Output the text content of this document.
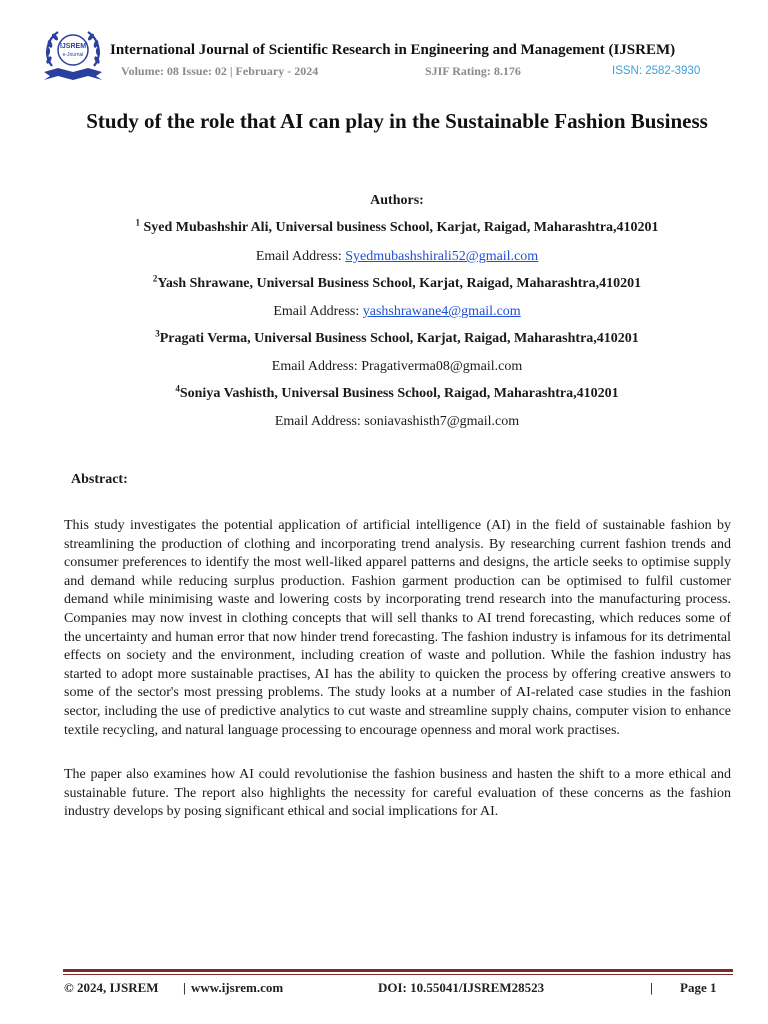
IJSREM
e-Journal International Journal of Scientific Research in Engineering and Management (IJSREM)
Volume: 08 Issue: 02 | February - 2024	SJIF Rating: 8.176	ISSN: 2582-3930
Study of the role that AI can play in the Sustainable Fashion Business
Authors:
$^1$ Syed Mubashshir Ali, Universal business School, Karjat, Raigad, Maharashtra,410201
Email Address: Syedmubashshirali52@gmail.com
$^2$Yash Shrawane, Universal Business School, Karjat, Raigad, Maharashtra,410201
Email Address: yashshrawane4@gmail.com
$^3$Pragati Verma, Universal Business School, Karjat, Raigad, Maharashtra,410201
Email Address: Pragativerma08@gmail.com
$^4$Soniya Vashisth, Universal Business School, Raigad, Maharashtra,410201
Email Address: soniavashisth7@gmail.com
Abstract:
This study investigates the potential application of artificial intelligence (AI) in the field of sustainable fashion by streamlining the production of clothing and incorporating trend analysis. By researching current fashion trends and consumer preferences to identify the most well-liked apparel patterns and designs, the article seeks to optimise supply and demand while reducing surplus production. Fashion garment production can be optimised to fulfil customer demand while minimising waste and lowering costs by incorporating trend research into the manufacturing process. Companies may now invest in clothing concepts that will sell thanks to AI trend forecasting, which reduces some of the uncertainty and human error that now hinder trend forecasting. The fashion industry is infamous for its detrimental effects on society and the environment, including creation of waste and pollution. While the fashion industry has started to adopt more sustainable practises, AI has the ability to quicken the process by offering creative answers to some of the sector's most pressing problems. The study looks at a number of AI-related case studies in the fashion sector, including the use of predictive analytics to cut waste and streamline supply chains, computer vision to enhance textile recycling, and natural language processing to encourage openness and moral work practises.
The paper also examines how AI could revolutionise the fashion business and hasten the shift to a more ethical and sustainable future. The report also highlights the necessity for careful evaluation of these concerns as the fashion industry develops by posing significant ethical and social implications for AI.
© 2024, IJSREM | www.ijsrem.com	DOI: 10.55041/IJSREM28523	| Page 1
